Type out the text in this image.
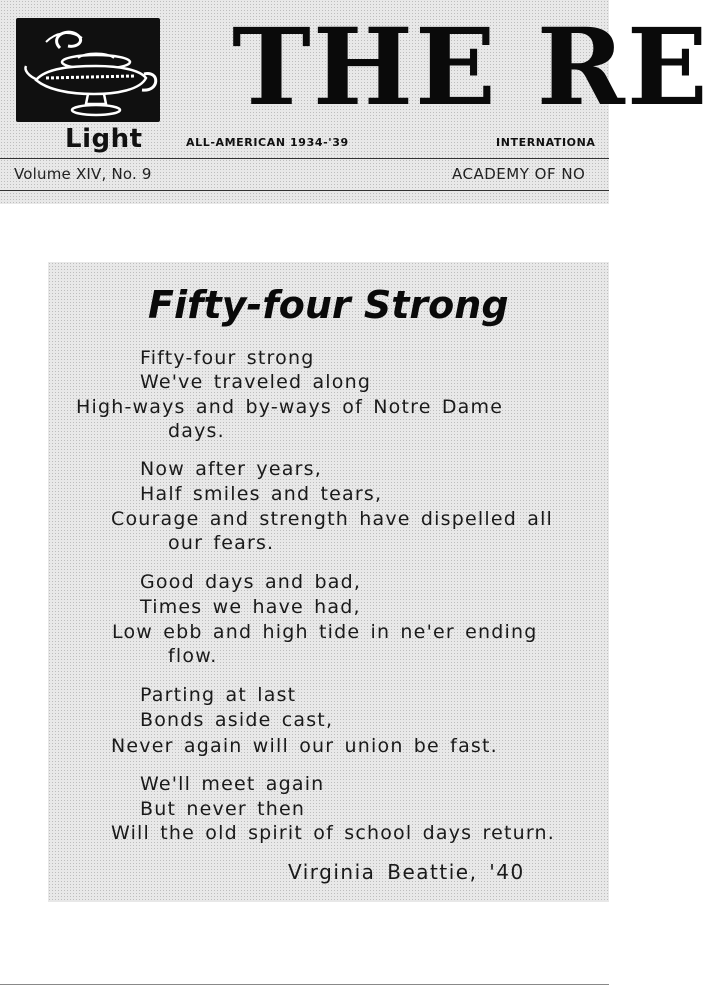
Light
THE RE
ALL-AMERICAN 1934-'39	INTERNATIONA
Volume XIV, No. 9	ACADEMY OF NO
Fifty-four Strong
Fifty-four strong
We've traveled along
High-ways and by-ways of Notre Dame
days.
Now after years,
Half smiles and tears,
Courage and strength have dispelled all
our fears.
Good days and bad,
Times we have had,
Low ebb and high tide in ne'er ending
flow.
Parting at last
Bonds aside cast,
Never again will our union be fast.
We'll meet again
But never then
Will the old spirit of school days return.
Virginia Beattie, '40
